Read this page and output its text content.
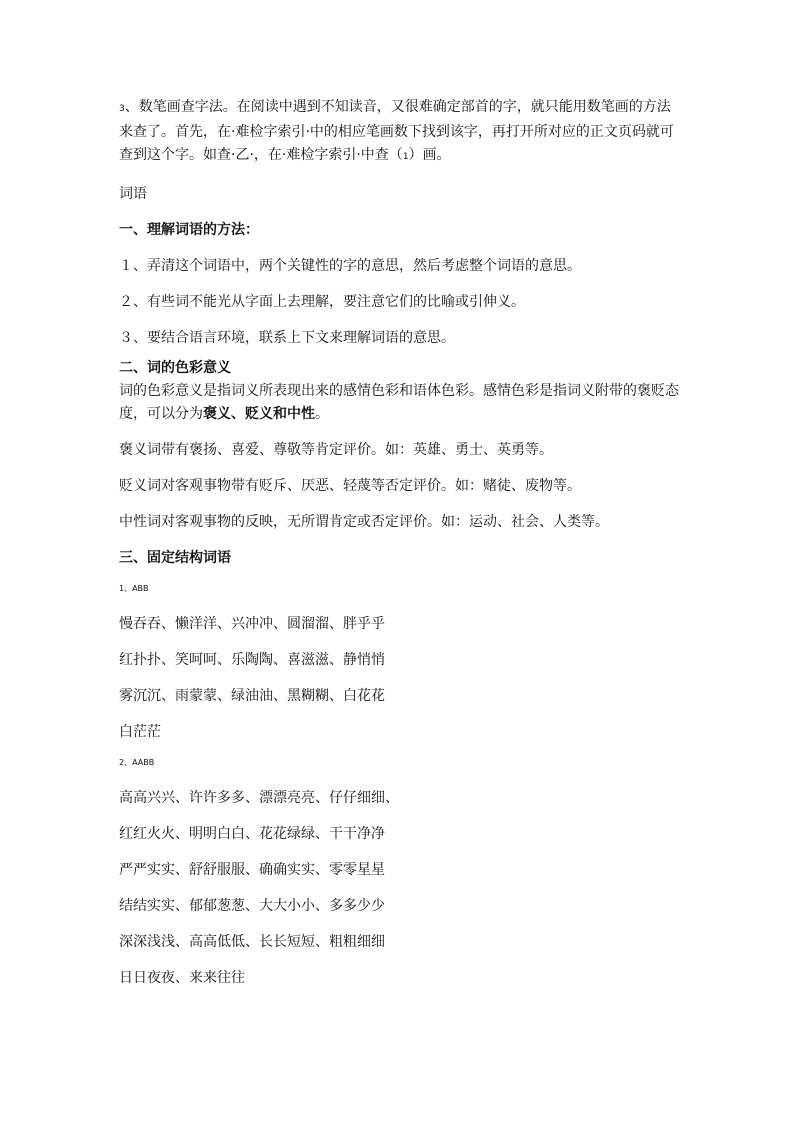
3、数笔画查字法。在阅读中遇到不知读音，又很难确定部首的字，就只能用数笔画的方法来查了。首先，在·难检字索引·中的相应笔画数下找到该字，再打开所对应的正文页码就可查到这个字。如查·乙·，在·难检字索引·中查（1）画。

词语

一、理解词语的方法：

１、弄清这个词语中，两个关键性的字的意思，然后考虑整个词语的意思。

２、有些词不能光从字面上去理解，要注意它们的比喻或引伸义。

３、要结合语言环境，联系上下文来理解词语的意思。

二、词的色彩意义

词的色彩意义是指词义所表现出来的感情色彩和语体色彩。感情色彩是指词义附带的褒贬态度，可以分为褒义、贬义和中性。

褒义词带有褒扬、喜爱、尊敬等肯定评价。如：英雄、勇士、英勇等。

贬义词对客观事物带有贬斥、厌恶、轻蔑等否定评价。如：赌徒、废物等。

中性词对客观事物的反映，无所谓肯定或否定评价。如：运动、社会、人类等。

三、固定结构词语

1、ABB

慢吞吞、懒洋洋、兴冲冲、圆溜溜、胖乎乎

红扑扑、笑呵呵、乐陶陶、喜滋滋、静悄悄

雾沉沉、雨蒙蒙、绿油油、黑糊糊、白花花

白茫茫

2、AABB

高高兴兴、许许多多、漂漂亮亮、仔仔细细、

红红火火、明明白白、花花绿绿、干干净净

严严实实、舒舒服服、确确实实、零零星星

结结实实、郁郁葱葱、大大小小、多多少少

深深浅浅、高高低低、长长短短、粗粗细细

日日夜夜、来来往往
